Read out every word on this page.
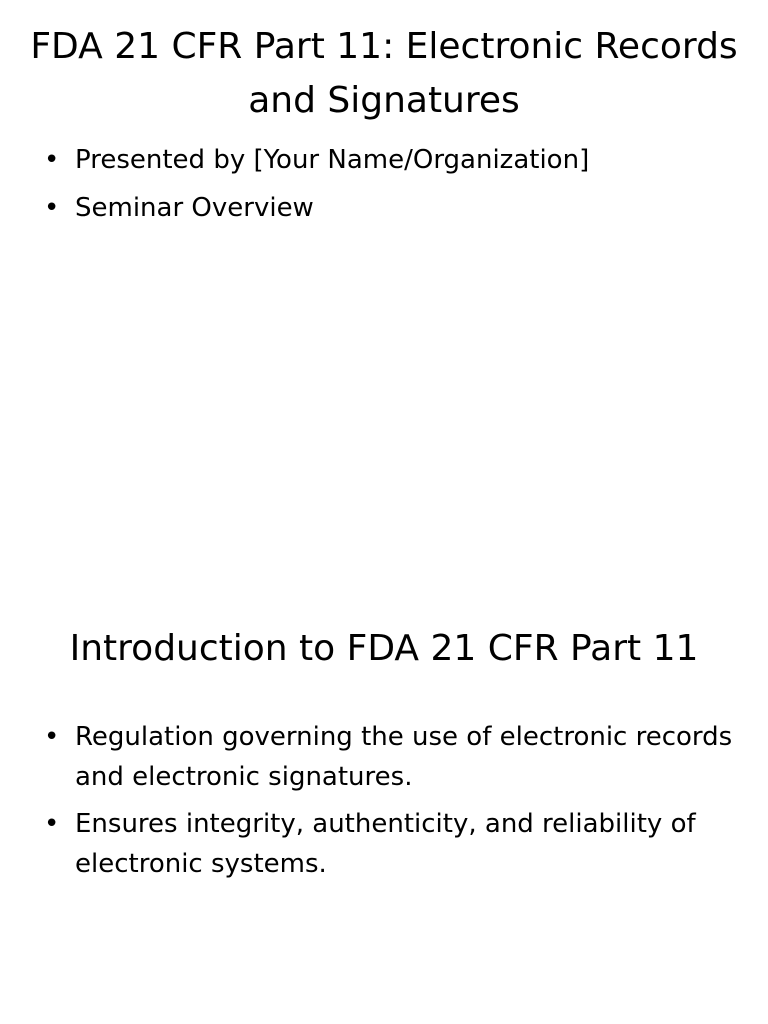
FDA 21 CFR Part 11: Electronic Records and Signatures
• Presented by [Your Name/Organization]
• Seminar Overview
Introduction to FDA 21 CFR Part 11
• Regulation governing the use of electronic records and electronic signatures.
• Ensures integrity, authenticity, and reliability of electronic systems.
